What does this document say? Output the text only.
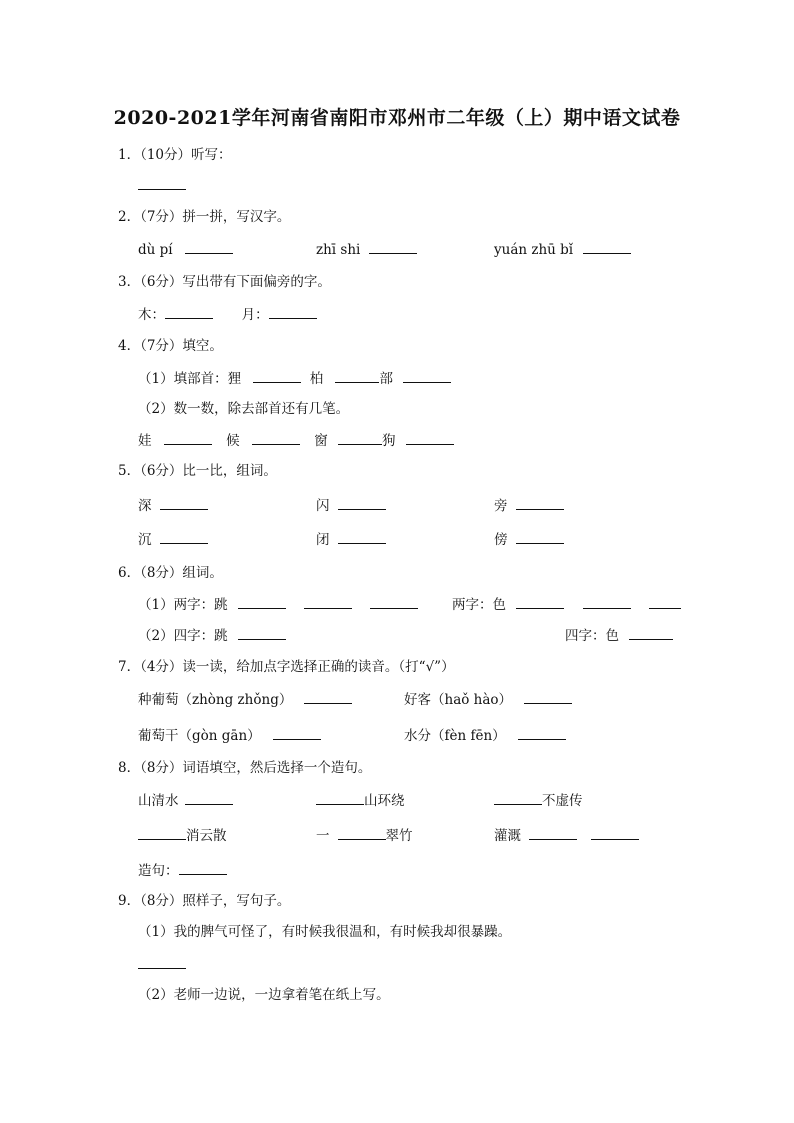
2020-2021学年河南省南阳市邓州市二年级（上）期中语文试卷
1．（10分）听写：
2．（7分）拼一拼，写汉字。
dù pí	zhī shi	yuán zhū bǐ
3．（6分）写出带有下面偏旁的字。
木：	月：
4．（7分）填空。
（1）填部首：狸	柏	部
（2）数一数，除去部首还有几笔。
娃	候	窗	狗
5．（6分）比一比，组词。
深	闪	旁
沉	闭	傍
6．（8分）组词。
（1）两字：跳	两字：色
（2）四字：跳	四字：色
7．（4分）读一读，给加点字选择正确的读音。（打“√”）
种葡萄（zhòng zhǒng）	好客（haǒ hào）
葡萄干（gòn gān）	水分（fèn fēn）
8．（8分）词语填空，然后选择一个造句。
山清水	山环绕	不虚传
消云散	一	翠竹	灌溉
造句：
9．（8分）照样子，写句子。
（1）我的脾气可怪了，有时候我很温和，有时候我却很暴躁。
（2）老师一边说，一边拿着笔在纸上写。
